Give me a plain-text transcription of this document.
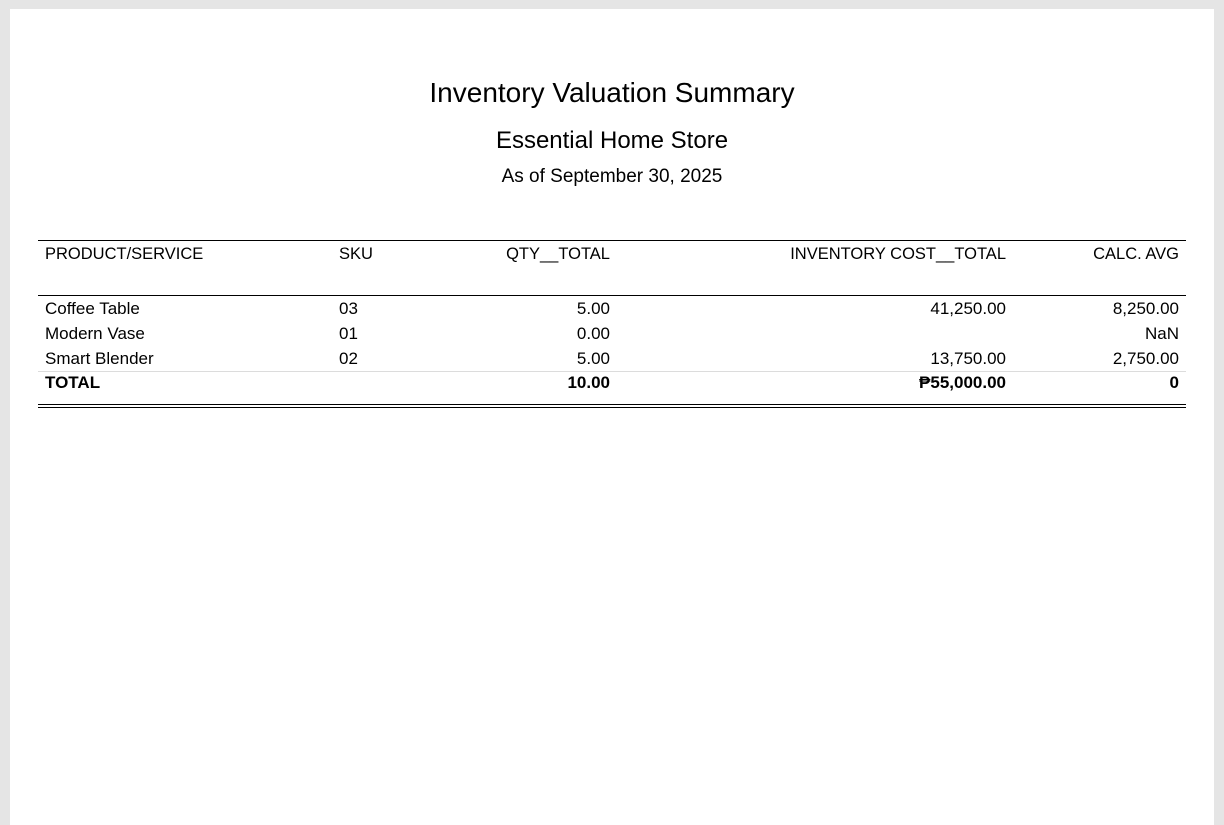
Inventory Valuation Summary
Essential Home Store
As of September 30, 2025
PRODUCT/SERVICE	SKU	QTY__TOTAL	INVENTORY COST__TOTAL	CALC. AVG
Coffee Table	03	5.00	41,250.00	8,250.00
Modern Vase	01	0.00		NaN
Smart Blender	02	5.00	13,750.00	2,750.00
TOTAL		10.00	₱55,000.00	0
